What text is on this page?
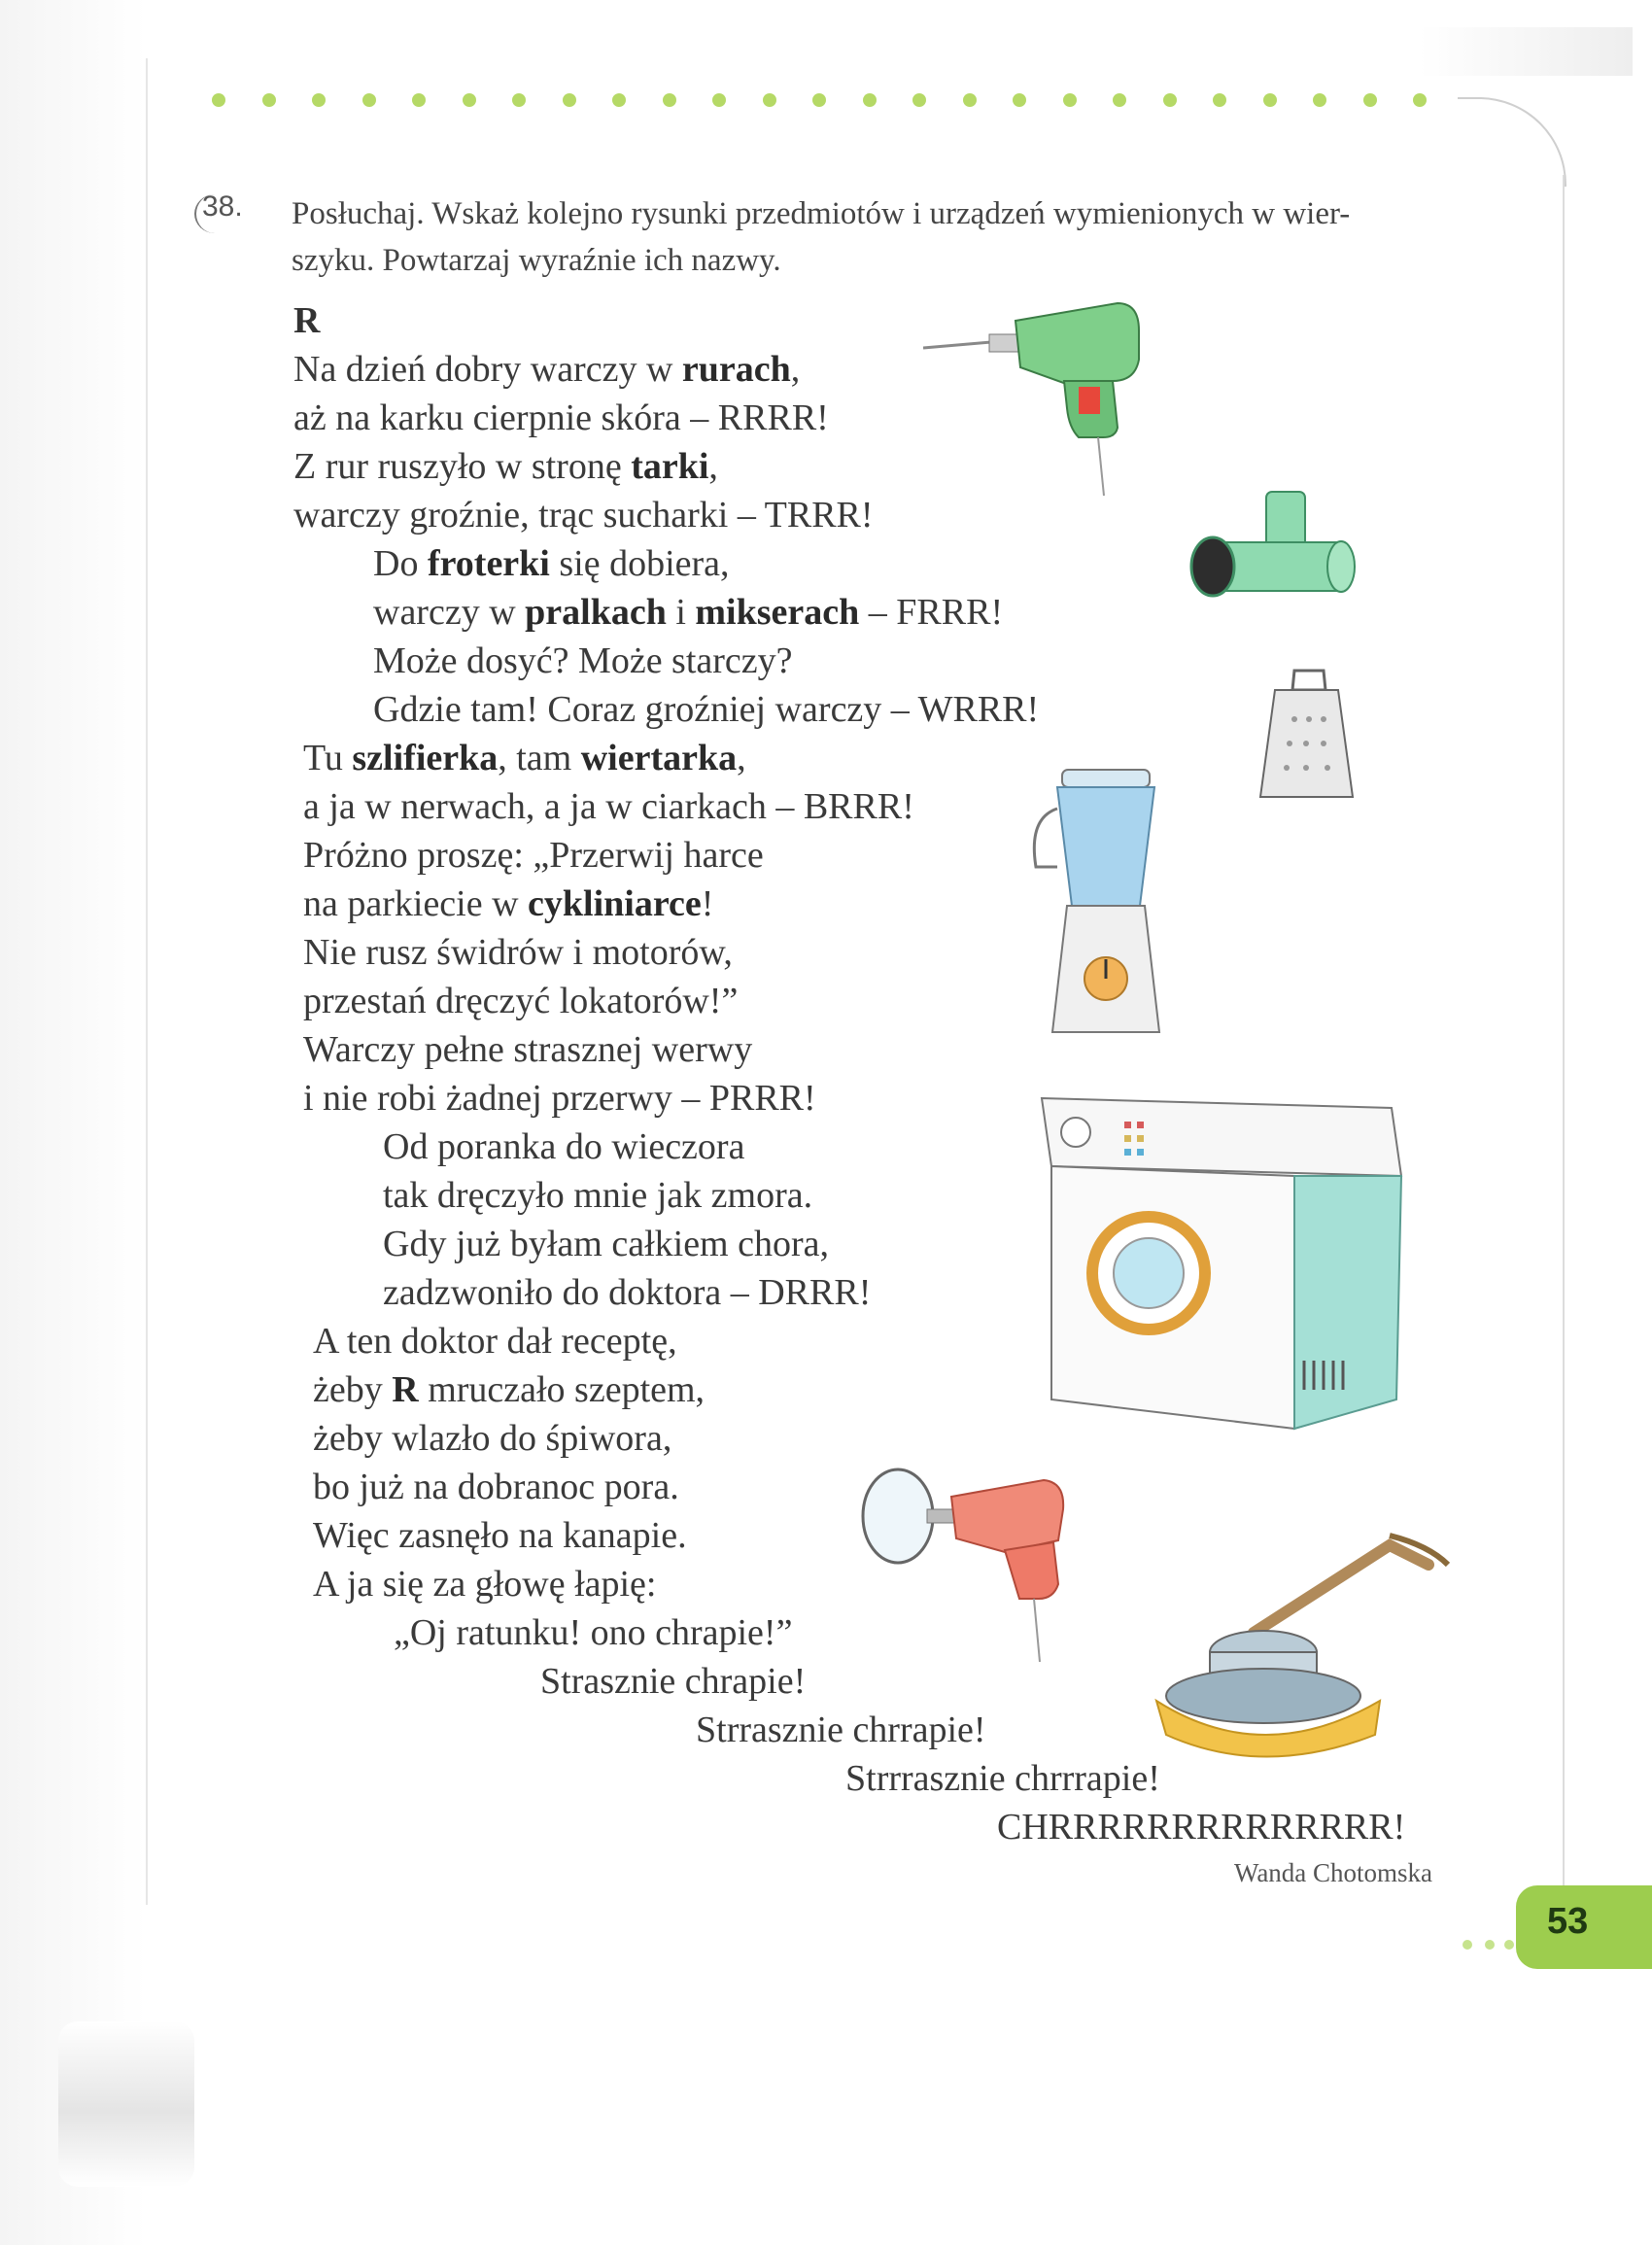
38. Posłuchaj. Wskaż kolejno rysunki przedmiotów i urządzeń wymienionych w wier-
szyku. Powtarzaj wyraźnie ich nazwy.
R
Na dzień dobry warczy w rurach,
aż na karku cierpnie skóra – RRRR!
Z rur ruszyło w stronę tarki,
warczy groźnie, trąc sucharki – TRRR!
Do froterki się dobiera,
warczy w pralkach i mikserach – FRRR!
Może dosyć? Może starczy?
Gdzie tam! Coraz groźniej warczy – WRRR!
Tu szlifierka, tam wiertarka,
a ja w nerwach, a ja w ciarkach – BRRR!
Próżno proszę: „Przerwij harce
na parkiecie w cykliniarce!
Nie rusz świdrów i motorów,
przestań dręczyć lokatorów!”
Warczy pełne strasznej werwy
i nie robi żadnej przerwy – PRRR!
Od poranka do wieczora
tak dręczyło mnie jak zmora.
Gdy już byłam całkiem chora,
zadzwoniło do doktora – DRRR!
A ten doktor dał receptę,
żeby R mruczało szeptem,
żeby wlazło do śpiwora,
bo już na dobranoc pora.
Więc zasnęło na kanapie.
A ja się za głowę łapię:
„Oj ratunku! ono chrapie!”
Strasznie chrapie!
Strrasznie chrrapie!
Strrrasznie chrrrapie!
CHRRRRRRRRRRRRRR!
Wanda Chotomska
53
